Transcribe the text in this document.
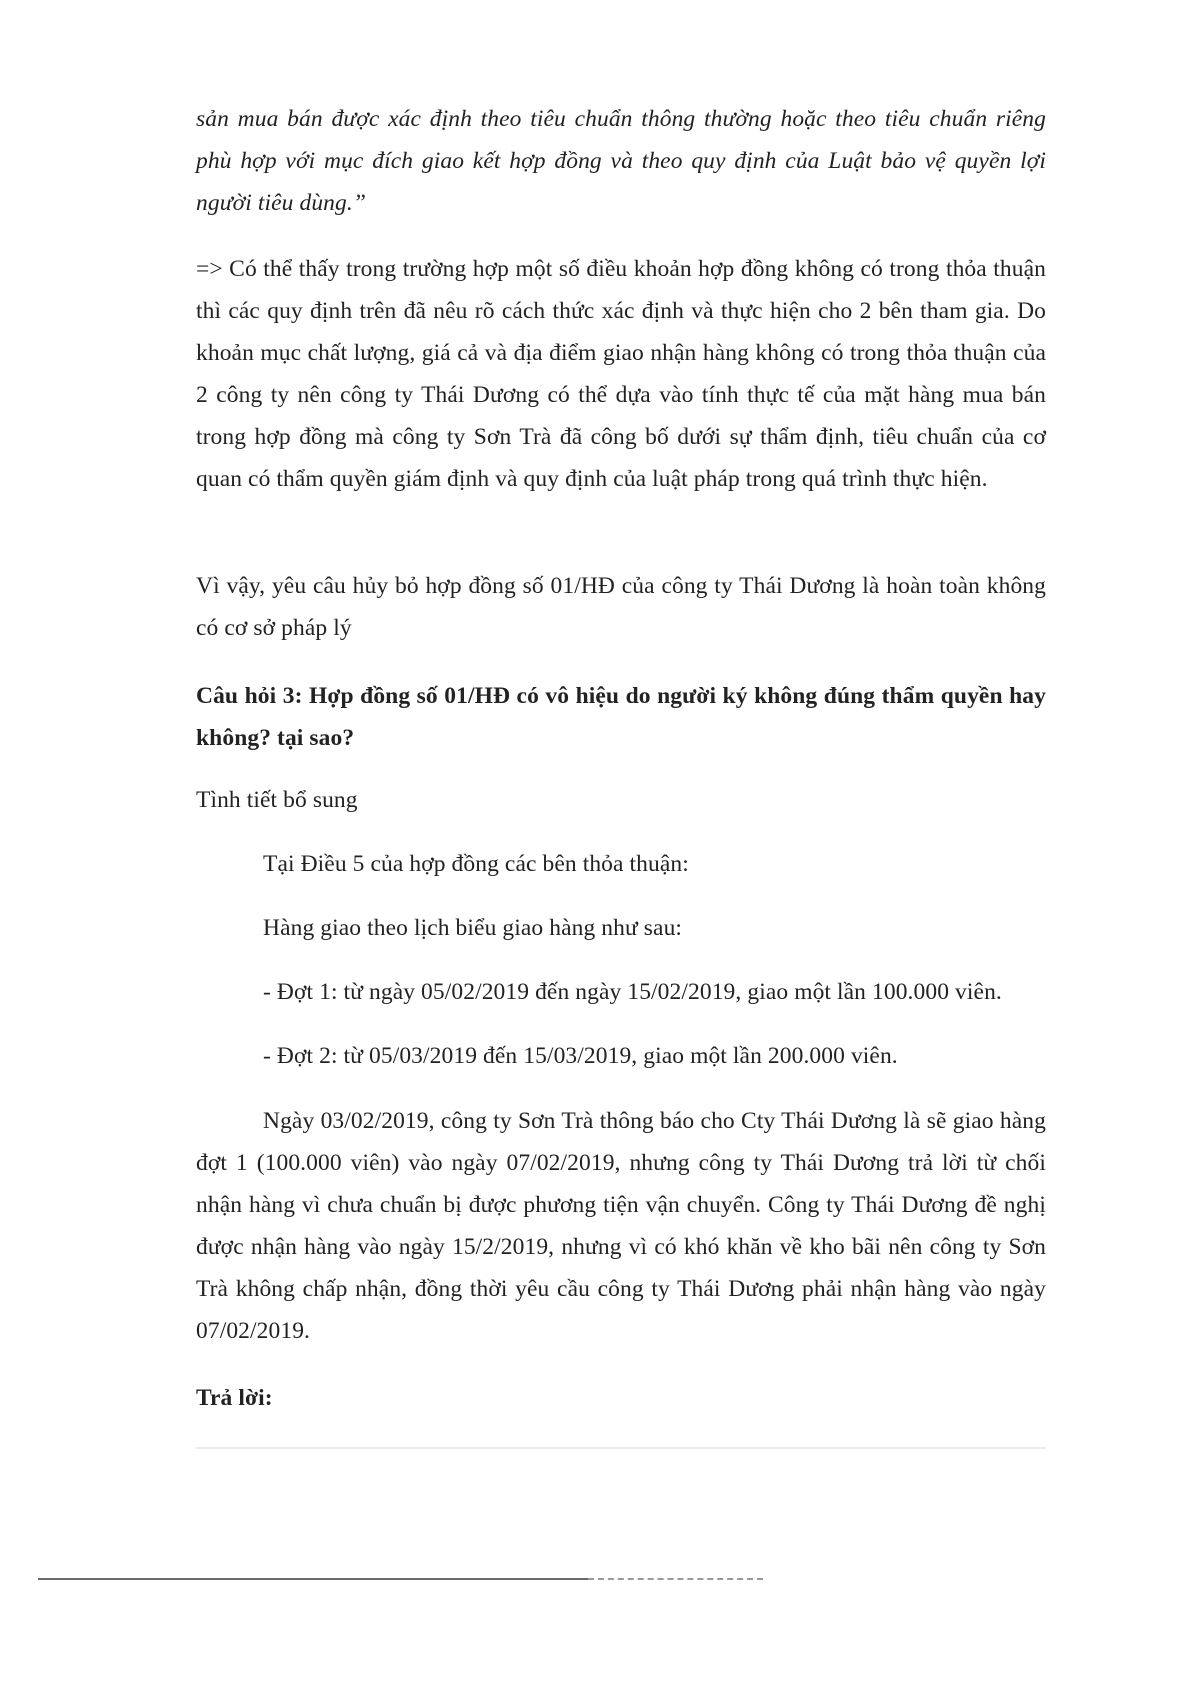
sản mua bán được xác định theo tiêu chuẩn thông thường hoặc theo tiêu chuẩn riêng phù hợp với mục đích giao kết hợp đồng và theo quy định của Luật bảo vệ quyền lợi người tiêu dùng.”

=> Có thể thấy trong trường hợp một số điều khoản hợp đồng không có trong thỏa thuận thì các quy định trên đã nêu rõ cách thức xác định và thực hiện cho 2 bên tham gia. Do khoản mục chất lượng, giá cả và địa điểm giao nhận hàng không có trong thỏa thuận của 2 công ty nên công ty Thái Dương có thể dựa vào tính thực tế của mặt hàng mua bán trong hợp đồng mà công ty Sơn Trà đã công bố dưới sự thẩm định, tiêu chuẩn của cơ quan có thẩm quyền giám định và quy định của luật pháp trong quá trình thực hiện.

Vì vậy, yêu câu hủy bỏ hợp đồng số 01/HĐ của công ty Thái Dương là hoàn toàn không có cơ sở pháp lý

Câu hỏi 3: Hợp đồng số 01/HĐ có vô hiệu do người ký không đúng thẩm quyền hay không? tại sao?

Tình tiết bổ sung

Tại Điều 5 của hợp đồng các bên thỏa thuận:

Hàng giao theo lịch biểu giao hàng như sau:

- Đợt 1: từ ngày 05/02/2019 đến ngày 15/02/2019, giao một lần 100.000 viên.

- Đợt 2: từ 05/03/2019 đến 15/03/2019, giao một lần 200.000 viên.

Ngày 03/02/2019, công ty Sơn Trà thông báo cho Cty Thái Dương là sẽ giao hàng đợt 1 (100.000 viên) vào ngày 07/02/2019, nhưng công ty Thái Dương trả lời từ chối nhận hàng vì chưa chuẩn bị được phương tiện vận chuyển. Công ty Thái Dương đề nghị được nhận hàng vào ngày 15/2/2019, nhưng vì có khó khăn về kho bãi nên công ty Sơn Trà không chấp nhận, đồng thời yêu cầu công ty Thái Dương phải nhận hàng vào ngày 07/02/2019.

Trả lời:
